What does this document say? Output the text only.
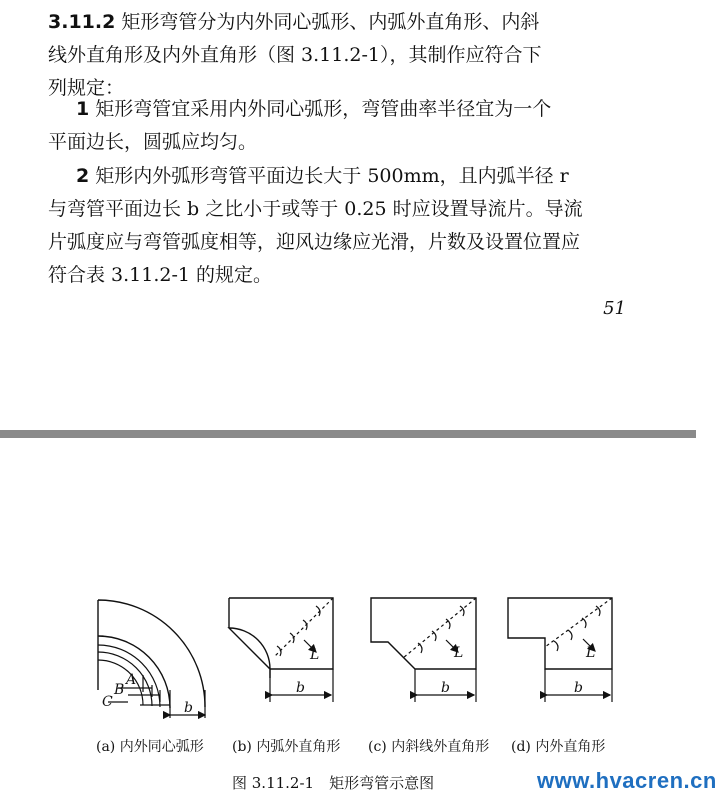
3.11.2 矩形弯管分为内外同心弧形、内弧外直角形、内斜
线外直角形及内外直角形（图 3.11.2-1），其制作应符合下
列规定：

1 矩形弯管宜采用内外同心弧形，弯管曲率半径宜为一个
平面边长，圆弧应均匀。

2 矩形内外弧形弯管平面边长大于 500mm，且内弧半径 r
与弯管平面边长 b 之比小于或等于 0.25 时应设置导流片。导流
片弧度应与弯管弧度相等，迎风边缘应光滑，片数及设置位置应
符合表 3.11.2-1 的规定。

51
A
B
C	b
b	b	b
L	L	L
(a) 内外同心弧形 (b) 内弧外直角形 (c) 内斜线外直角形 (d) 内外直角形
图 3.11.2-1　矩形弯管示意图	www.hvacren.cn
